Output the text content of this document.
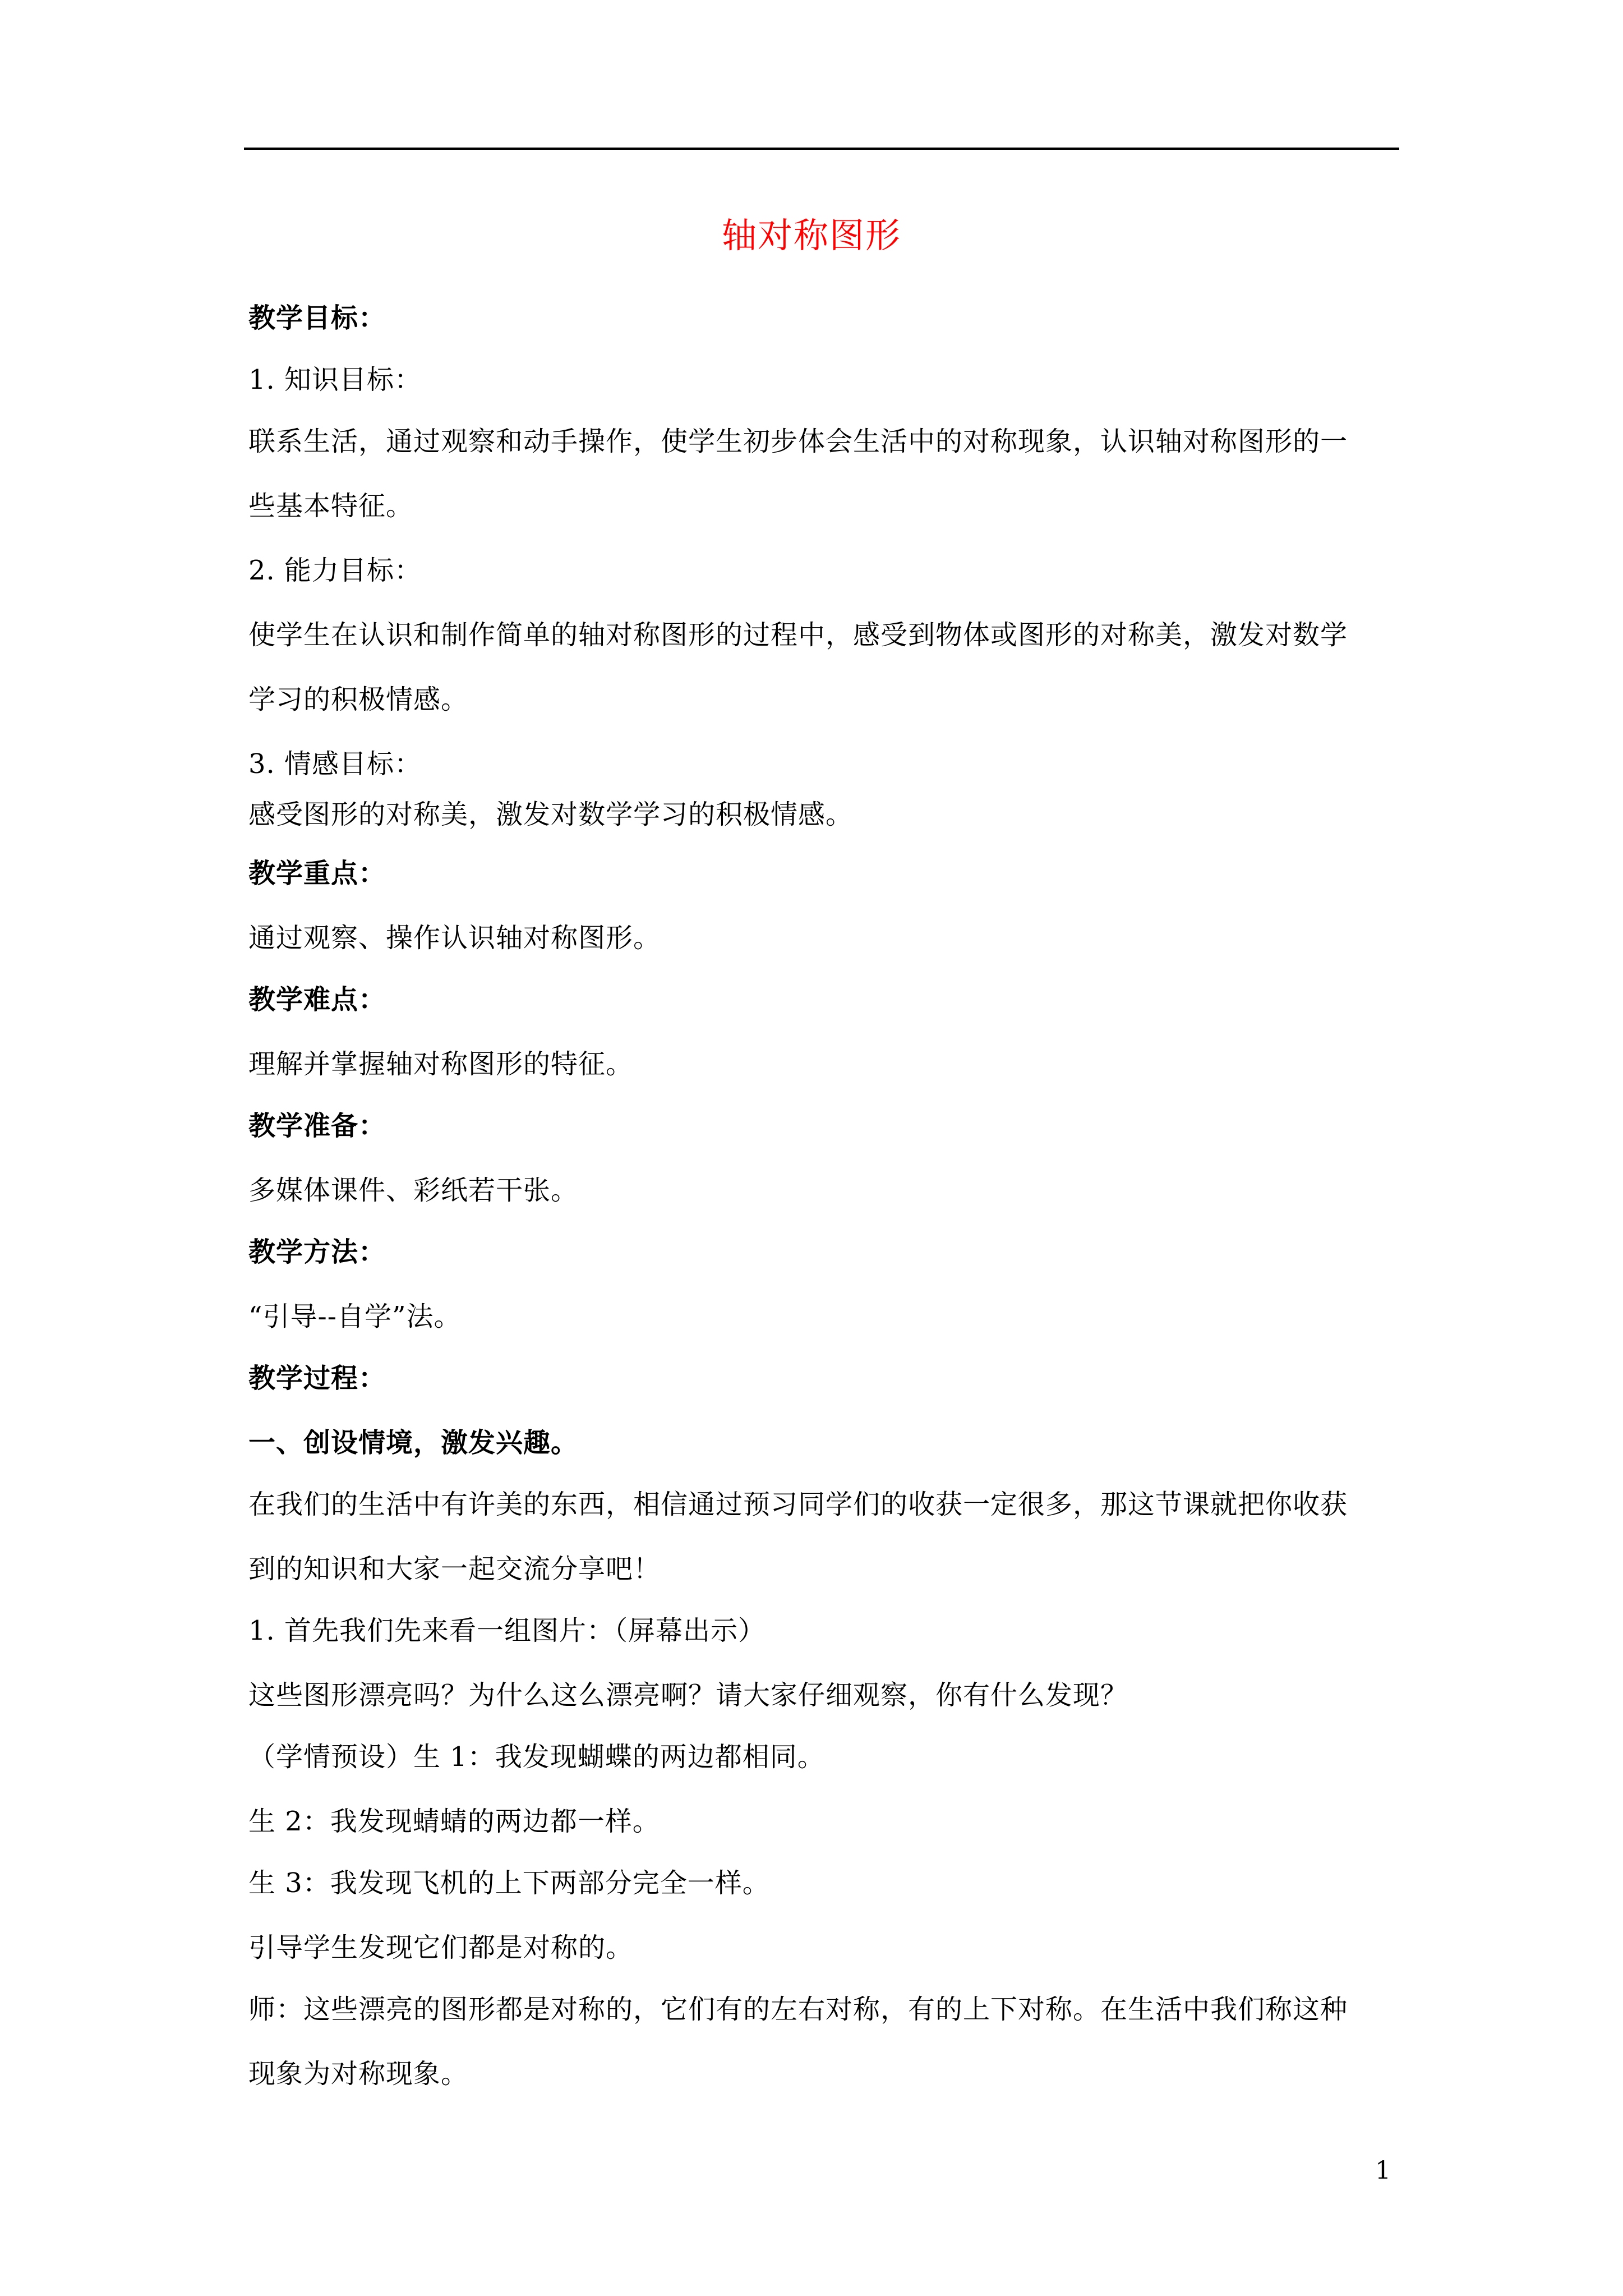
轴对称图形
教学目标：
1. 知识目标：
联系生活，通过观察和动手操作，使学生初步体会生活中的对称现象，认识轴对称图形的一
些基本特征。
2. 能力目标：
使学生在认识和制作简单的轴对称图形的过程中，感受到物体或图形的对称美，激发对数学
学习的积极情感。
3. 情感目标：
感受图形的对称美，激发对数学学习的积极情感。
教学重点：
通过观察、操作认识轴对称图形。
教学难点：
理解并掌握轴对称图形的特征。
教学准备：
多媒体课件、彩纸若干张。
教学方法：
“引导--自学”法。
教学过程：
一、创设情境，激发兴趣。
在我们的生活中有许美的东西，相信通过预习同学们的收获一定很多，那这节课就把你收获
到的知识和大家一起交流分享吧！
1. 首先我们先来看一组图片：（屏幕出示）
这些图形漂亮吗？为什么这么漂亮啊？请大家仔细观察，你有什么发现？
（学情预设）生 1：我发现蝴蝶的两边都相同。
生 2：我发现蜻蜻的两边都一样。
生 3：我发现飞机的上下两部分完全一样。
引导学生发现它们都是对称的。
师：这些漂亮的图形都是对称的，它们有的左右对称，有的上下对称。在生活中我们称这种
现象为对称现象。
1
